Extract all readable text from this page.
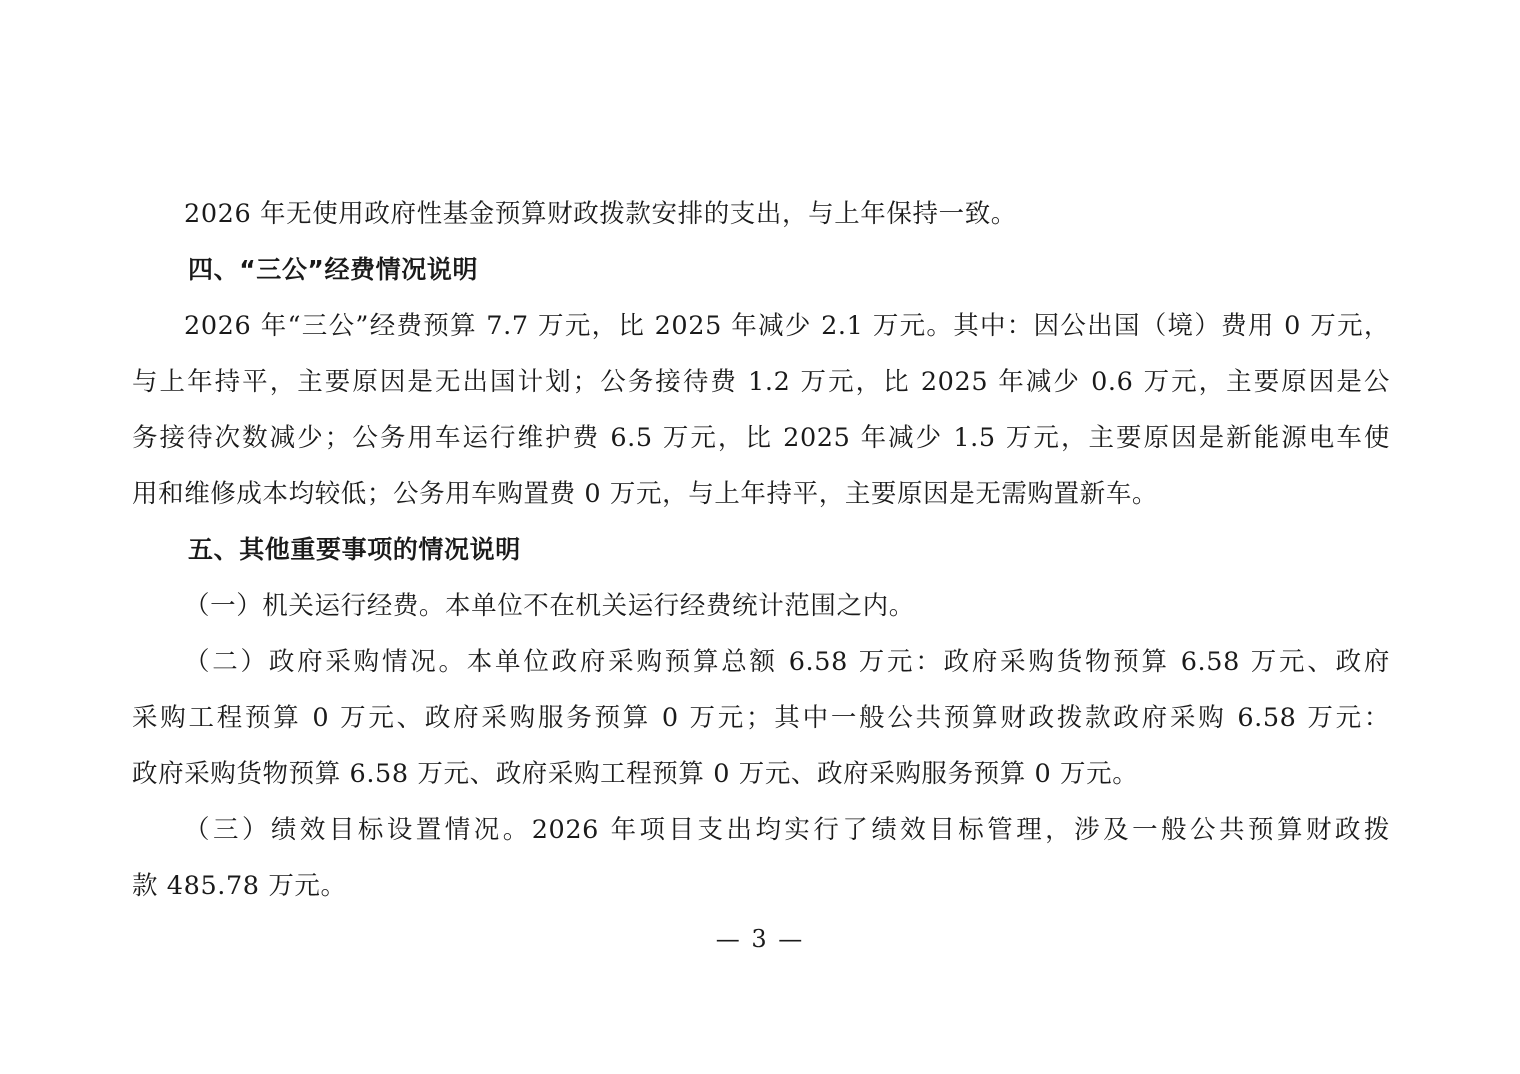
2026 年无使用政府性基金预算财政拨款安排的支出，与上年保持一致。
四、“三公”经费情况说明
2026 年“三公”经费预算 7.7 万元，比 2025 年减少 2.1 万元。其中：因公出国（境）费用 0 万元，
与上年持平，主要原因是无出国计划；公务接待费 1.2 万元，比 2025 年减少 0.6 万元，主要原因是公
务接待次数减少；公务用车运行维护费 6.5 万元，比 2025 年减少 1.5 万元，主要原因是新能源电车使
用和维修成本均较低；公务用车购置费 0 万元，与上年持平，主要原因是无需购置新车。
五、其他重要事项的情况说明
（一）机关运行经费。本单位不在机关运行经费统计范围之内。
（二）政府采购情况。本单位政府采购预算总额 6.58 万元：政府采购货物预算 6.58 万元、政府
采购工程预算 0 万元、政府采购服务预算 0 万元；其中一般公共预算财政拨款政府采购 6.58 万元：
政府采购货物预算 6.58 万元、政府采购工程预算 0 万元、政府采购服务预算 0 万元。
（三）绩效目标设置情况。2026 年项目支出均实行了绩效目标管理，涉及一般公共预算财政拨
款 485.78 万元。
— 3 —
